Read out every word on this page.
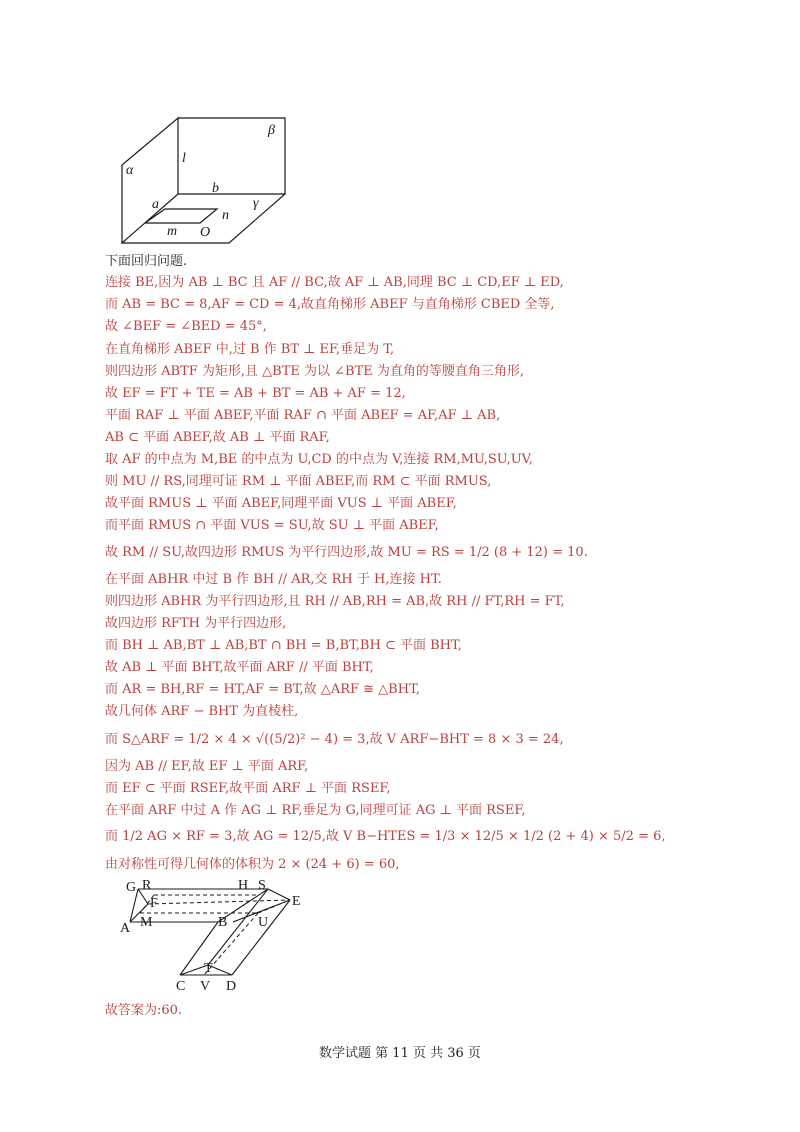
α
β
l
b
γ
a
n
m O
下面回归问题.
连接 BE,因为 AB ⊥ BC 且 AF // BC,故 AF ⊥ AB,同理 BC ⊥ CD,EF ⊥ ED,
而 AB = BC = 8,AF = CD = 4,故直角梯形 ABEF 与直角梯形 CBED 全等,
故 ∠BEF = ∠BED = 45°,
在直角梯形 ABEF 中,过 B 作 BT ⊥ EF,垂足为 T,
则四边形 ABTF 为矩形,且 △BTE 为以 ∠BTE 为直角的等腰直角三角形,
故 EF = FT + TE = AB + BT = AB + AF = 12,
平面 RAF ⊥ 平面 ABEF,平面 RAF ∩ 平面 ABEF = AF,AF ⊥ AB,
AB ⊂ 平面 ABEF,故 AB ⊥ 平面 RAF,
取 AF 的中点为 M,BE 的中点为 U,CD 的中点为 V,连接 RM,MU,SU,UV,
则 MU // RS,同理可证 RM ⊥ 平面 ABEF,而 RM ⊂ 平面 RMUS,
故平面 RMUS ⊥ 平面 ABEF,同理平面 VUS ⊥ 平面 ABEF,
而平面 RMUS ∩ 平面 VUS = SU,故 SU ⊥ 平面 ABEF,
故 RM // SU,故四边形 RMUS 为平行四边形,故 MU = RS = 1/2 (8 + 12) = 10.
在平面 ABHR 中过 B 作 BH // AR,交 RH 于 H,连接 HT.
则四边形 ABHR 为平行四边形,且 RH // AB,RH = AB,故 RH // FT,RH = FT,
故四边形 RFTH 为平行四边形,
而 BH ⊥ AB,BT ⊥ AB,BT ∩ BH = B,BT,BH ⊂ 平面 BHT,
故 AB ⊥ 平面 BHT,故平面 ARF // 平面 BHT,
而 AR = BH,RF = HT,AF = BT,故 △ARF ≅ △BHT,
故几何体 ARF − BHT 为直棱柱,
而 S△ARF = 1/2 × 4 × √((5/2)² − 4) = 3,故 V ARF−BHT = 8 × 3 = 24,
因为 AB // EF,故 EF ⊥ 平面 ARF,
而 EF ⊂ 平面 RSEF,故平面 ARF ⊥ 平面 RSEF,
在平面 ARF 中过 A 作 AG ⊥ RF,垂足为 G,同理可证 AG ⊥ 平面 RSEF,
而 1/2 AG × RF = 3,故 AG = 12/5,故 V B−HTES = 1/3 × 12/5 × 1/2 (2 + 4) × 5/2 = 6,
由对称性可得几何体的体积为 2 × (24 + 6) = 60,
G R	H S
E
F
A M	B U
T
C V D
故答案为:60.
数学试题 第 11 页 共 36 页
